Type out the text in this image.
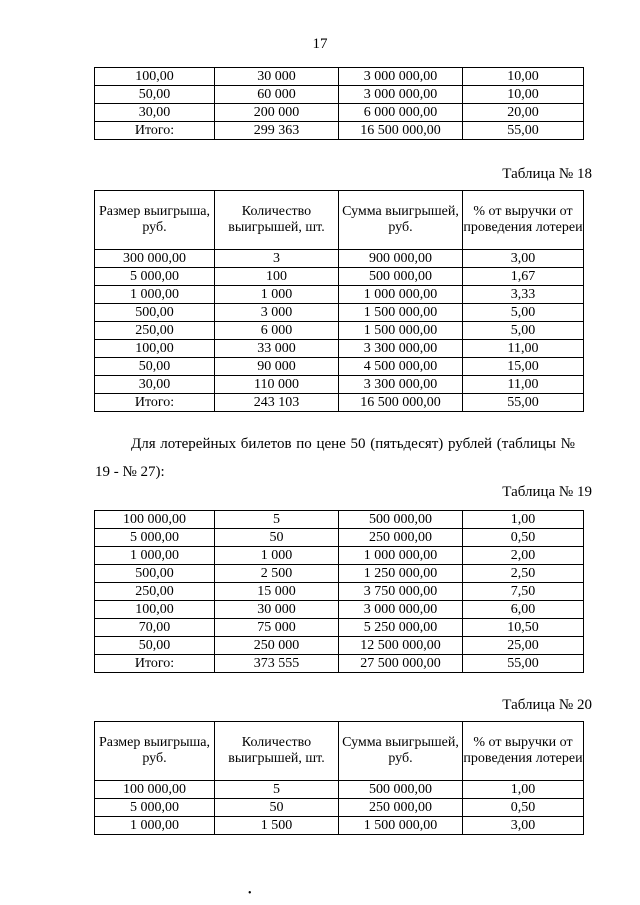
17
100,00	30 000	3 000 000,00	10,00
50,00	60 000	3 000 000,00	10,00
30,00	200 000	6 000 000,00	20,00
Итого:	299 363	16 500 000,00	55,00
Таблица № 18
Размер выигрыша, руб.	Количество выигрышей, шт.	Сумма выигрышей, руб.	% от выручки от проведения лотереи
300 000,00	3	900 000,00	3,00
5 000,00	100	500 000,00	1,67
1 000,00	1 000	1 000 000,00	3,33
500,00	3 000	1 500 000,00	5,00
250,00	6 000	1 500 000,00	5,00
100,00	33 000	3 300 000,00	11,00
50,00	90 000	4 500 000,00	15,00
30,00	110 000	3 300 000,00	11,00
Итого:	243 103	16 500 000,00	55,00
Для лотерейных билетов по цене 50 (пятьдесят) рублей (таблицы № 19 - № 27):
Таблица № 19
100 000,00	5	500 000,00	1,00
5 000,00	50	250 000,00	0,50
1 000,00	1 000	1 000 000,00	2,00
500,00	2 500	1 250 000,00	2,50
250,00	15 000	3 750 000,00	7,50
100,00	30 000	3 000 000,00	6,00
70,00	75 000	5 250 000,00	10,50
50,00	250 000	12 500 000,00	25,00
Итого:	373 555	27 500 000,00	55,00
Таблица № 20
Размер выигрыша, руб.	Количество выигрышей, шт.	Сумма выигрышей, руб.	% от выручки от проведения лотереи
100 000,00	5	500 000,00	1,00
5 000,00	50	250 000,00	0,50
1 000,00	1 500	1 500 000,00	3,00
•
